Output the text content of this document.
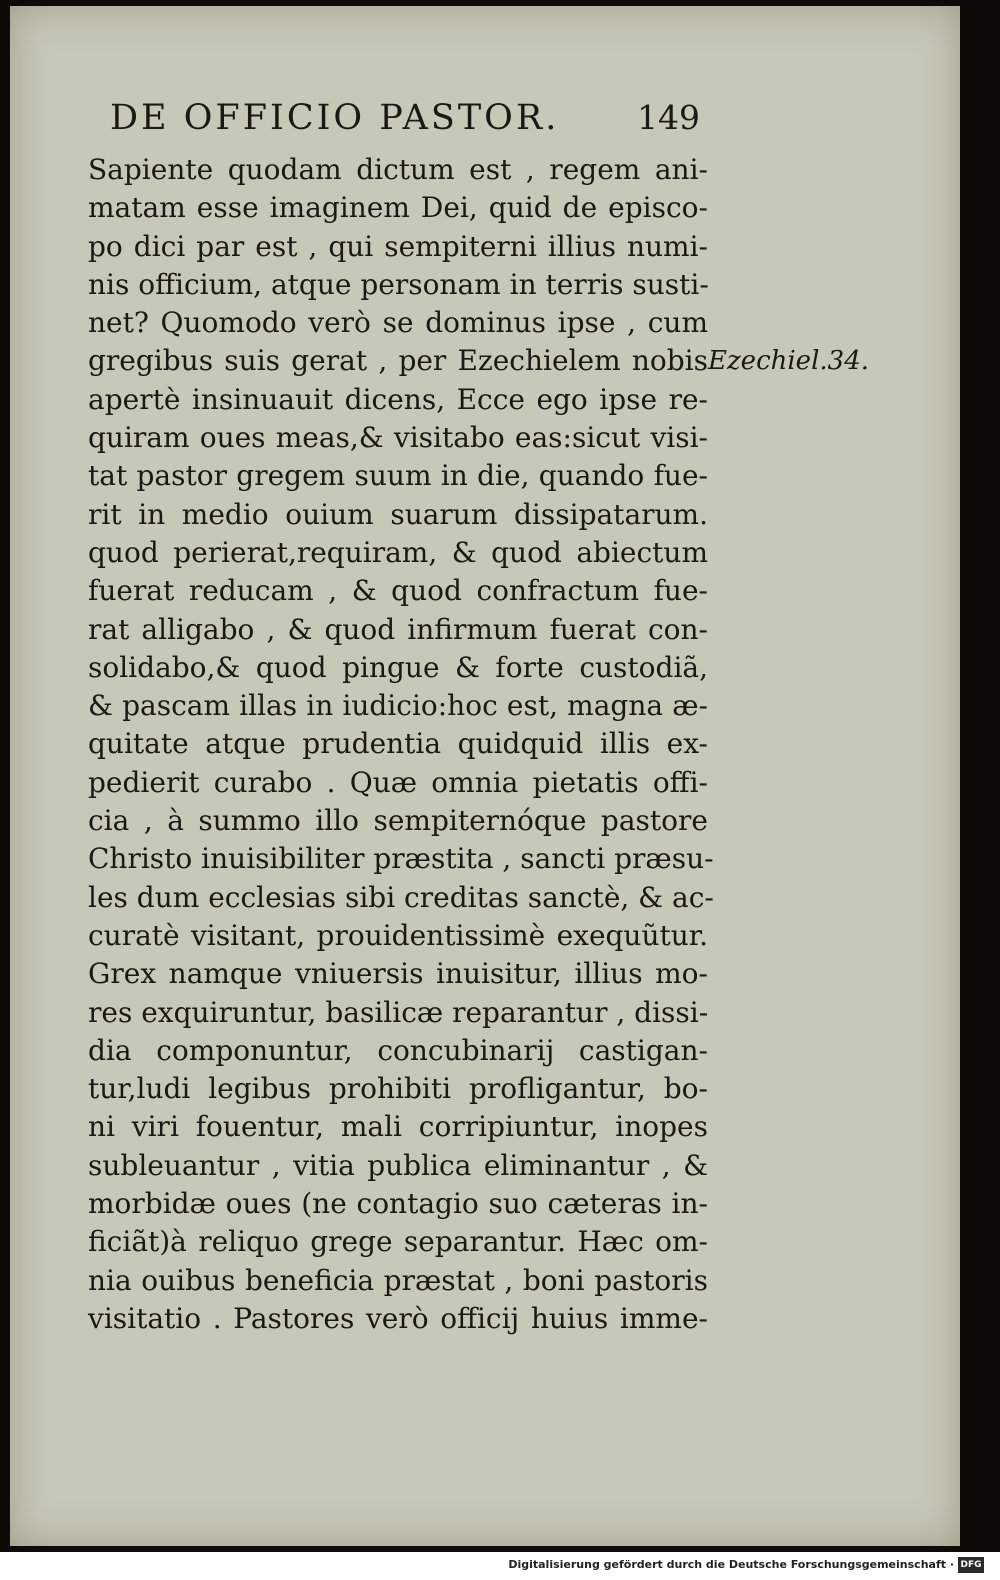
DE OFFICIO PASTOR. 149
Sapiente quodam dictum est , regem ani-
matam esse imaginem Dei, quid de episco-
po dici par est , qui sempiterni illius numi-
nis officium, atque personam in terris susti-
net? Quomodo verò se dominus ipse , cum
gregibus suis gerat , per Ezechielem nobis
apertè insinuauit dicens, Ecce ego ipse re-
quiram oues meas,& visitabo eas:sicut visi-
tat pastor gregem suum in die, quando fue-
rit in medio ouium suarum dissipatarum.
quod perierat,requiram, & quod abiectum
fuerat reducam , & quod confractum fue-
rat alligabo , & quod infirmum fuerat con-
solidabo,& quod pingue & forte custodiã,
& pascam illas in iudicio:hoc est, magna æ-
quitate atque prudentia quidquid illis ex-
pedierit curabo . Quæ omnia pietatis offi-
cia , à summo illo sempiternóque pastore
Christo inuisibiliter præstita , sancti præsu-
les dum ecclesias sibi creditas sanctè, & ac-
curatè visitant, prouidentissimè exequũtur.
Grex namque vniuersis inuisitur, illius mo-
res exquiruntur, basilicæ reparantur , dissi-
dia componuntur, concubinarij castigan-
tur,ludi legibus prohibiti profligantur, bo-
ni viri fouentur, mali corripiuntur, inopes
subleuantur , vitia publica eliminantur , &
morbidæ oues (ne contagio suo cæteras in-
ficiãt)à reliquo grege separantur. Hæc om-
nia ouibus beneficia præstat , boni pastoris
visitatio . Pastores verò officij huius imme-
Ezechiel.34.
Digitalisierung gefördert durch die Deutsche Forschungsgemeinschaft · DFG
